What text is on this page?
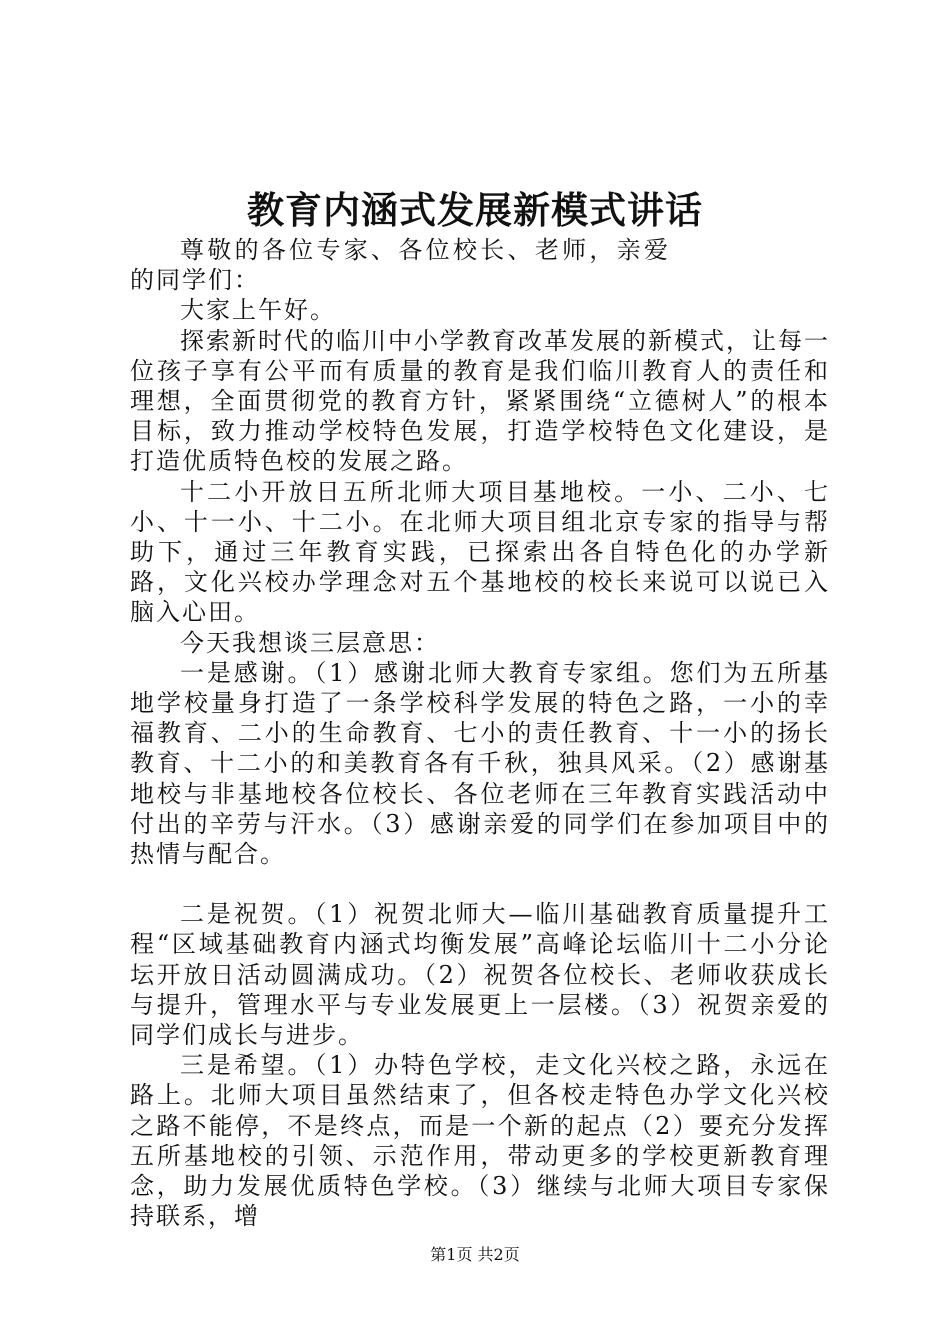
教育内涵式发展新模式讲话

尊敬的各位专家、各位校长、老师，亲爱的同学们：

大家上午好。

探索新时代的临川中小学教育改革发展的新模式，让每一位孩子享有公平而有质量的教育是我们临川教育人的责任和理想，全面贯彻党的教育方针，紧紧围绕“立德树人”的根本目标，致力推动学校特色发展，打造学校特色文化建设，是打造优质特色校的发展之路。

十二小开放日五所北师大项目基地校。一小、二小、七小、十一小、十二小。在北师大项目组北京专家的指导与帮助下，通过三年教育实践，已探索出各自特色化的办学新路，文化兴校办学理念对五个基地校的校长来说可以说已入脑入心田。

今天我想谈三层意思：

一是感谢。（1）感谢北师大教育专家组。您们为五所基地学校量身打造了一条学校科学发展的特色之路，一小的幸福教育、二小的生命教育、七小的责任教育、十一小的扬长教育、十二小的和美教育各有千秋，独具风采。（2）感谢基地校与非基地校各位校长、各位老师在三年教育实践活动中付出的辛劳与汗水。（3）感谢亲爱的同学们在参加项目中的热情与配合。

二是祝贺。（1）祝贺北师大—临川基础教育质量提升工程“区域基础教育内涵式均衡发展”高峰论坛临川十二小分论坛开放日活动圆满成功。（2）祝贺各位校长、老师收获成长与提升，管理水平与专业发展更上一层楼。（3）祝贺亲爱的同学们成长与进步。

三是希望。（1）办特色学校，走文化兴校之路，永远在路上。北师大项目虽然结束了，但各校走特色办学文化兴校之路不能停，不是终点，而是一个新的起点（2）要充分发挥五所基地校的引领、示范作用，带动更多的学校更新教育理念，助力发展优质特色学校。（3）继续与北师大项目专家保持联系，增

第1页 共2页
